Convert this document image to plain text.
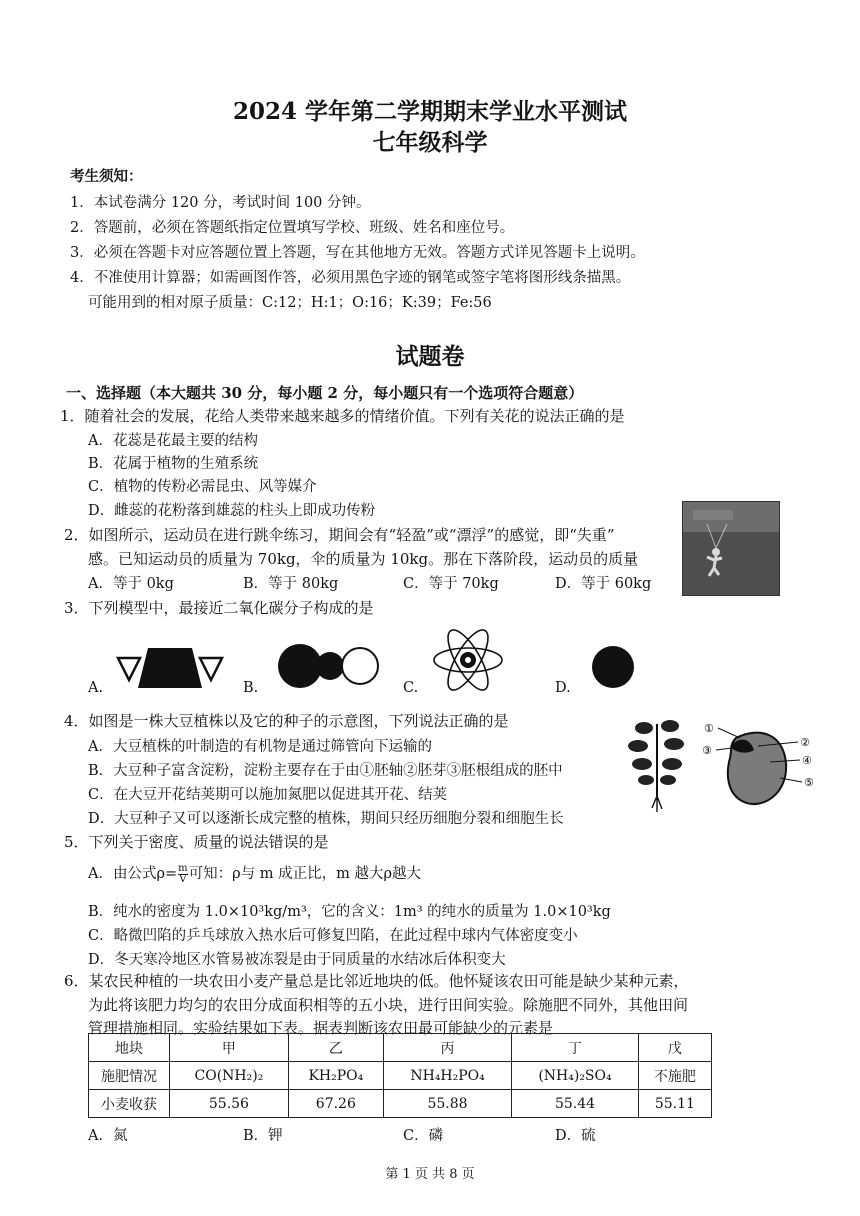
2024 学年第二学期期末学业水平测试
七年级科学
考生须知：
1．本试卷满分 120 分，考试时间 100 分钟。
2．答题前，必须在答题纸指定位置填写学校、班级、姓名和座位号。
3．必须在答题卡对应答题位置上答题，写在其他地方无效。答题方式详见答题卡上说明。
4．不准使用计算器；如需画图作答，必须用黑色字迹的钢笔或签字笔将图形线条描黑。
可能用到的相对原子质量：C:12；H:1；O:16；K:39；Fe:56
试题卷
一、选择题（本大题共 30 分，每小题 2 分，每小题只有一个选项符合题意）
1．随着社会的发展，花给人类带来越来越多的情绪价值。下列有关花的说法正确的是
A．花蕊是花最主要的结构
B．花属于植物的生殖系统
C．植物的传粉必需昆虫、风等媒介
D．雌蕊的花粉落到雄蕊的柱头上即成功传粉
2．如图所示，运动员在进行跳伞练习，期间会有“轻盈”或“漂浮”的感觉，即“失重”
感。已知运动员的质量为 70kg，伞的质量为 10kg。那在下落阶段，运动员的质量
A．等于 0kg	B．等于 80kg	C．等于 70kg	D．等于 60kg
3．下列模型中，最接近二氧化碳分子构成的是
A.	B.	C.	D.
4．如图是一株大豆植株以及它的种子的示意图，下列说法正确的是
A．大豆植株的叶制造的有机物是通过筛管向下运输的
B．大豆种子富含淀粉，淀粉主要存在于由①胚轴②胚芽③胚根组成的胚中
C．在大豆开花结荚期可以施加氮肥以促进其开花、结荚
D．大豆种子又可以逐渐长成完整的植株，期间只经历细胞分裂和细胞生长
①
③
②
④
⑤
5．下列关于密度、质量的说法错误的是
A．由公式$\rho= \frac{m}{V}$ 可知：ρ与 m 成正比，m 越大ρ越大
B．纯水的密度为 1.0×10³kg/m³，它的含义：1m³ 的纯水的质量为 1.0×10³kg
C．略微凹陷的乒乓球放入热水后可修复凹陷，在此过程中球内气体密度变小
D．冬天寒冷地区水管易被冻裂是由于同质量的水结冰后体积变大
6．某农民种植的一块农田小麦产量总是比邻近地块的低。他怀疑该农田可能是缺少某种元素，
为此将该肥力均匀的农田分成面积相等的五小块，进行田间实验。除施肥不同外，其他田间
管理措施相同。实验结果如下表。据表判断该农田最可能缺少的元素是
地块	甲	乙	丙	丁	戊
施肥情况	CO(NH₂)₂	KH₂PO₄	NH₄H₂PO₄	(NH₄)₂SO₄	不施肥
小麦收获	55.56	67.26	55.88	55.44	55.11
A．氮	B．钾	C．磷	D．硫
第 1 页 共 8 页
